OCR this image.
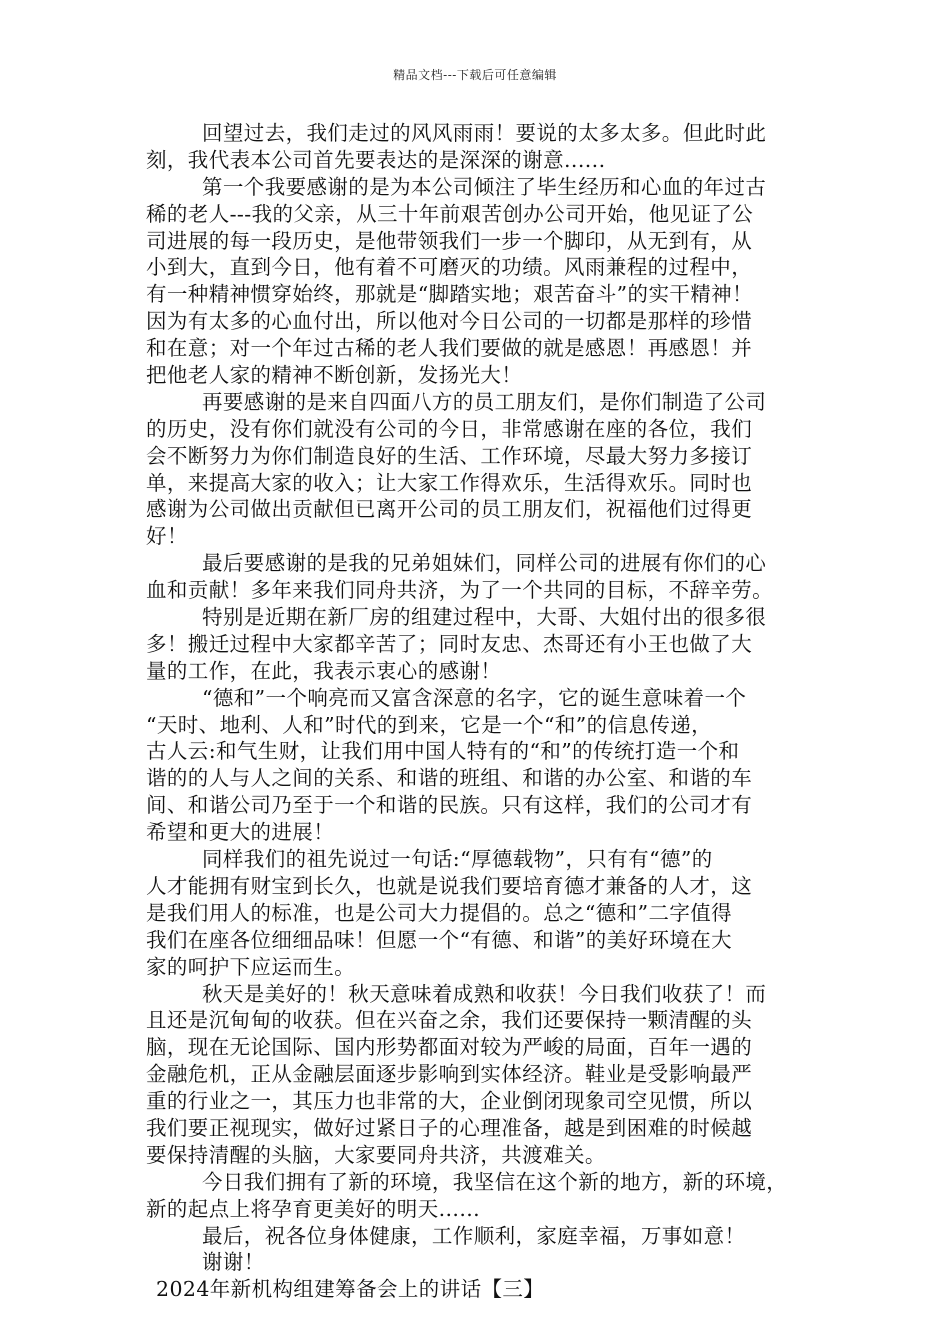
精品文档---下载后可任意编辑
回望过去，我们走过的风风雨雨！要说的太多太多。但此时此
刻，我代表本公司首先要表达的是深深的谢意......
第一个我要感谢的是为本公司倾注了毕生经历和心血的年过古
稀的老人---我的父亲，从三十年前艰苦创办公司开始，他见证了公
司进展的每一段历史，是他带领我们一步一个脚印，从无到有，从
小到大，直到今日，他有着不可磨灭的功绩。风雨兼程的过程中，
有一种精神惯穿始终，那就是“脚踏实地；艰苦奋斗”的实干精神！
因为有太多的心血付出，所以他对今日公司的一切都是那样的珍惜
和在意；对一个年过古稀的老人我们要做的就是感恩！再感恩！并
把他老人家的精神不断创新，发扬光大！
再要感谢的是来自四面八方的员工朋友们，是你们制造了公司
的历史，没有你们就没有公司的今日，非常感谢在座的各位，我们
会不断努力为你们制造良好的生活、工作环境，尽最大努力多接订
单，来提高大家的收入；让大家工作得欢乐，生活得欢乐。同时也
感谢为公司做出贡献但已离开公司的员工朋友们，祝福他们过得更
好！
最后要感谢的是我的兄弟姐妹们，同样公司的进展有你们的心
血和贡献！多年来我们同舟共济，为了一个共同的目标，不辞辛劳。
特别是近期在新厂房的组建过程中，大哥、大姐付出的很多很
多！搬迁过程中大家都辛苦了；同时友忠、杰哥还有小王也做了大
量的工作，在此，我表示衷心的感谢！
“德和”一个响亮而又富含深意的名字，它的诞生意味着一个
“天时、地利、人和”时代的到来，它是一个“和”的信息传递，
古人云:和气生财，让我们用中国人特有的“和”的传统打造一个和
谐的的人与人之间的关系、和谐的班组、和谐的办公室、和谐的车
间、和谐公司乃至于一个和谐的民族。只有这样，我们的公司才有
希望和更大的进展！
同样我们的祖先说过一句话:“厚德载物”，只有有“德”的
人才能拥有财宝到长久，也就是说我们要培育德才兼备的人才，这
是我们用人的标准，也是公司大力提倡的。总之“德和”二字值得
我们在座各位细细品味！但愿一个“有德、和谐”的美好环境在大
家的呵护下应运而生。
秋天是美好的！秋天意味着成熟和收获！今日我们收获了！而
且还是沉甸甸的收获。但在兴奋之余，我们还要保持一颗清醒的头
脑，现在无论国际、国内形势都面对较为严峻的局面，百年一遇的
金融危机，正从金融层面逐步影响到实体经济。鞋业是受影响最严
重的行业之一，其压力也非常的大，企业倒闭现象司空见惯，所以
我们要正视现实，做好过紧日子的心理准备，越是到困难的时候越
要保持清醒的头脑，大家要同舟共济，共渡难关。
今日我们拥有了新的环境，我坚信在这个新的地方，新的环境，
新的起点上将孕育更美好的明天......
最后，祝各位身体健康，工作顺利，家庭幸福，万事如意！
谢谢！
2024年新机构组建筹备会上的讲话【三】
